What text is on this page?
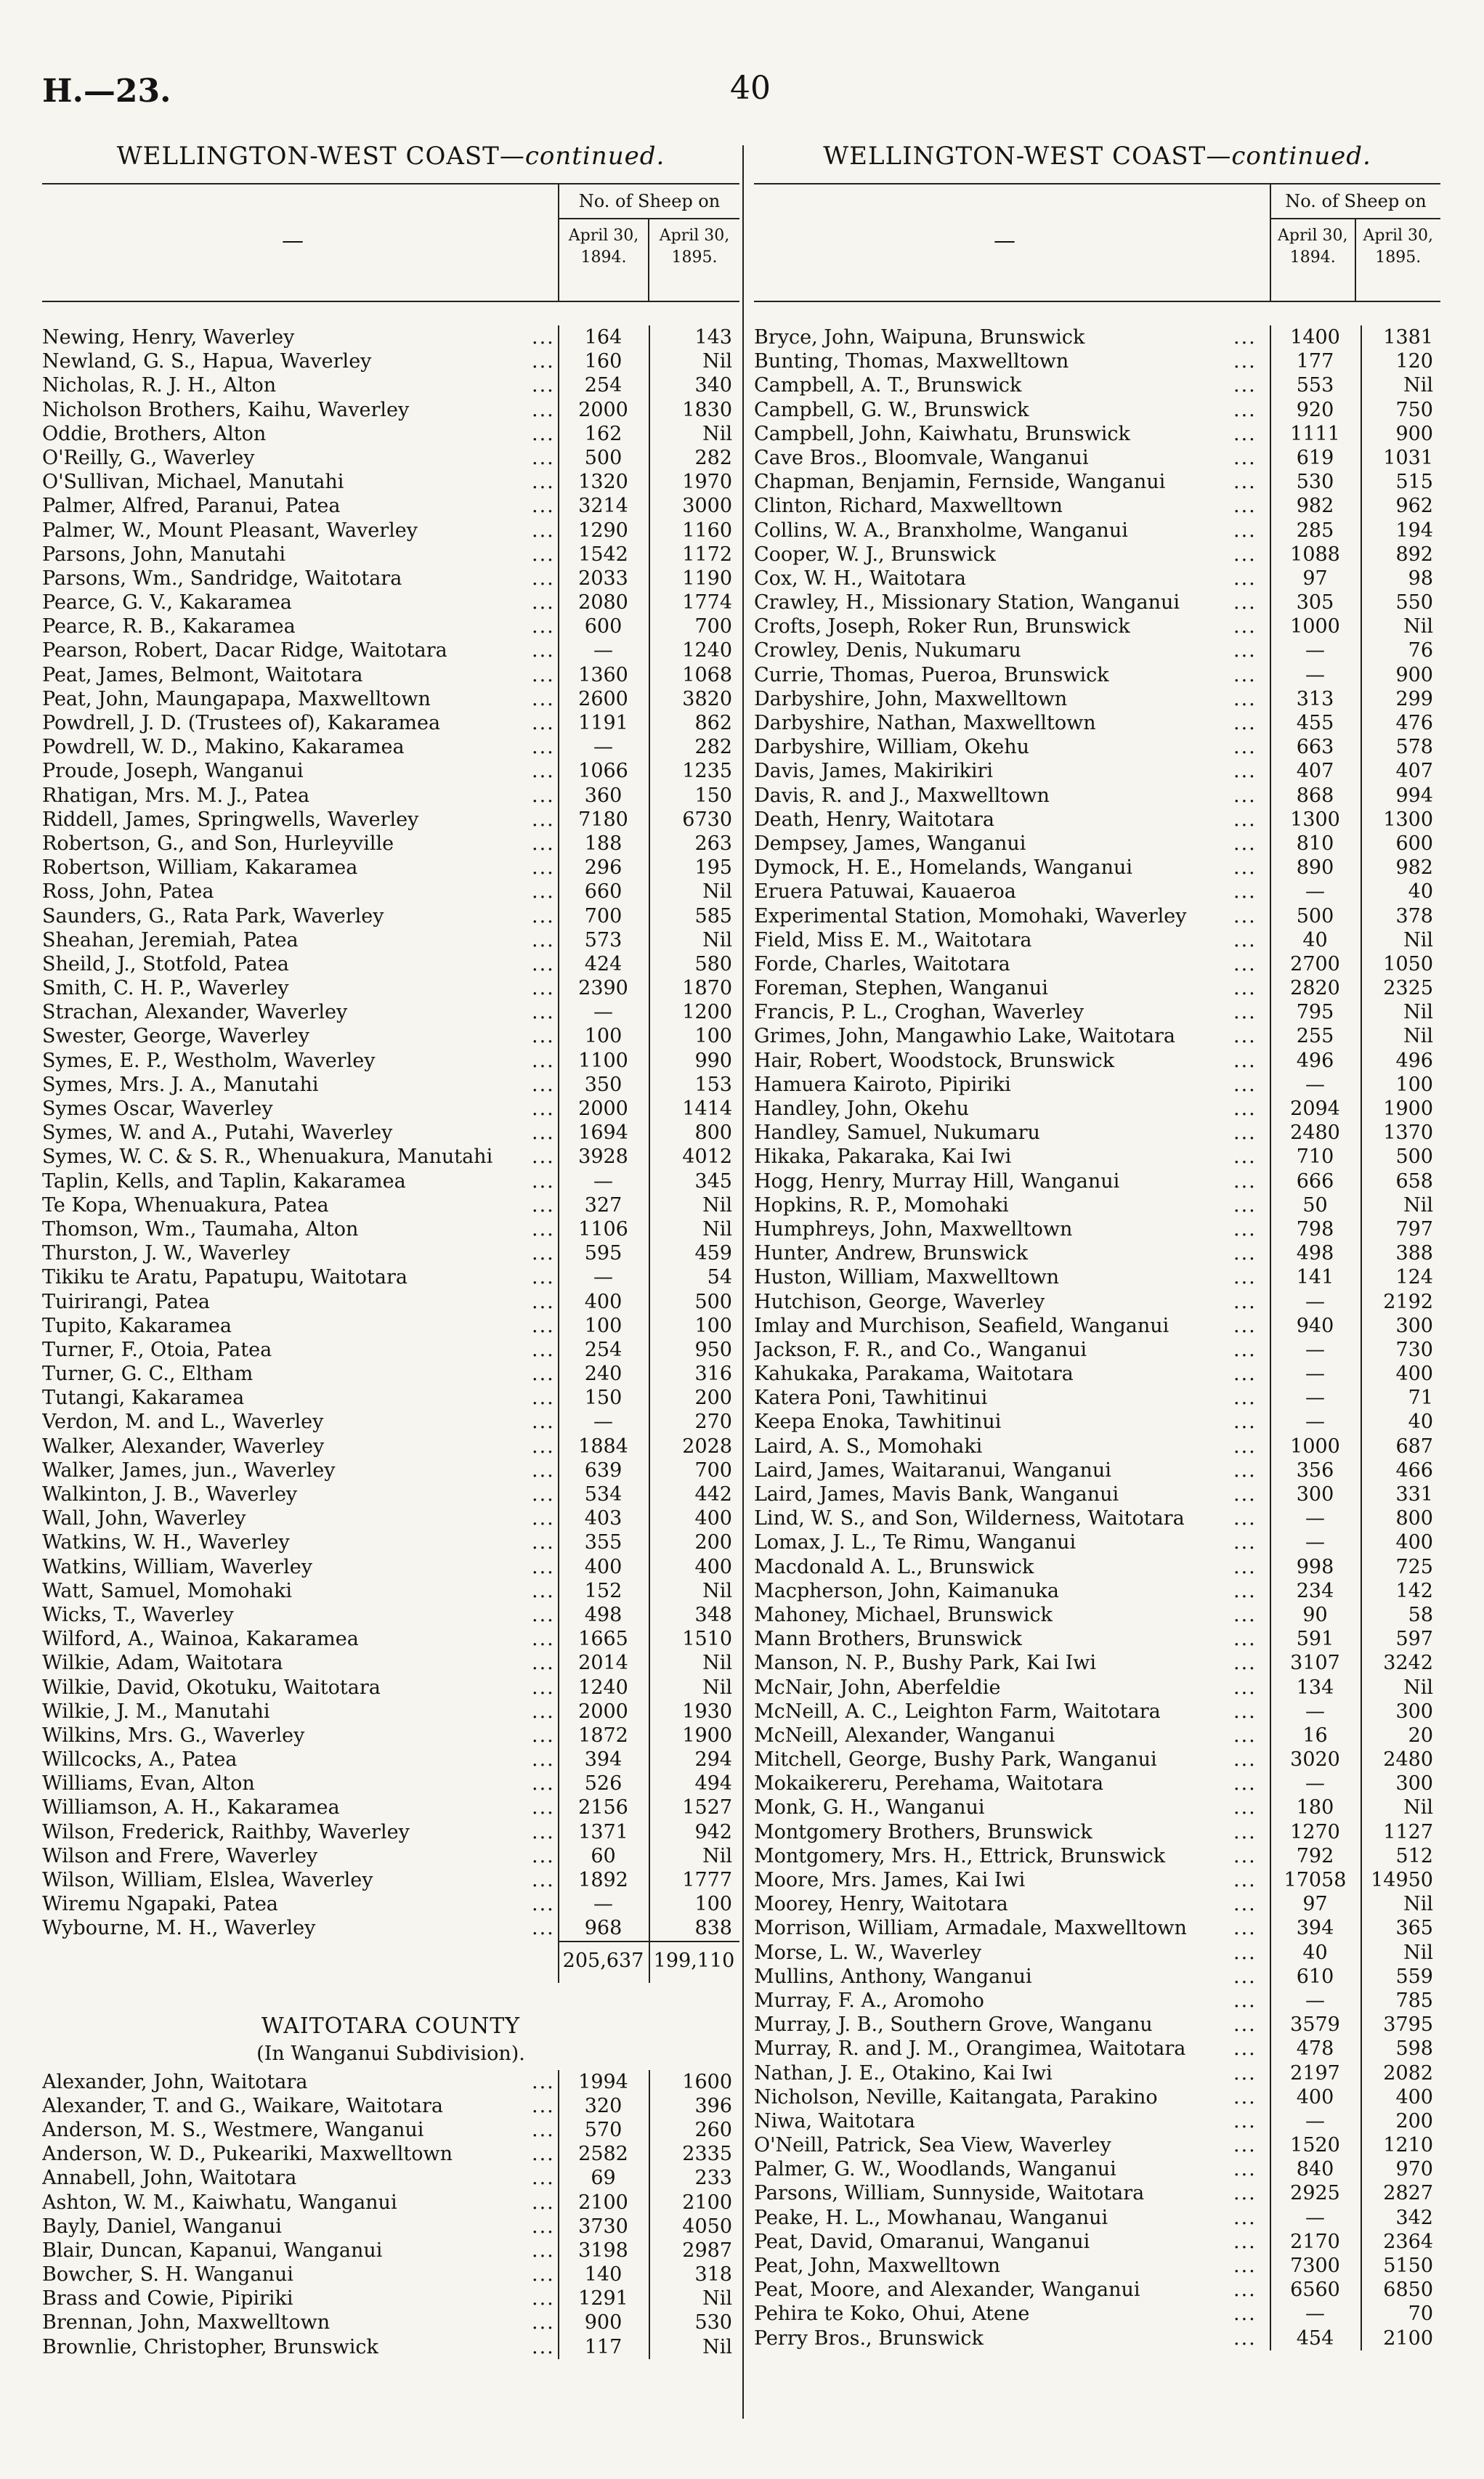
H.—23.	40
WELLINGTON-WEST COAST—continued.
—
No. of Sheep on
April 30, 1894.
April 30, 1895.
Newing, Henry, Waverley	...	164	143
Newland, G. S., Hapua, Waverley	...	160	Nil
Nicholas, R. J. H., Alton	...	254	340
Nicholson Brothers, Kaihu, Waverley	...	2000	1830
Oddie, Brothers, Alton	...	162	Nil
O'Reilly, G., Waverley	...	500	282
O'Sullivan, Michael, Manutahi	...	1320	1970
Palmer, Alfred, Paranui, Patea	...	3214	3000
Palmer, W., Mount Pleasant, Waverley	...	1290	1160
Parsons, John, Manutahi	...	1542	1172
Parsons, Wm., Sandridge, Waitotara	...	2033	1190
Pearce, G. V., Kakaramea	...	2080	1774
Pearce, R. B., Kakaramea	...	600	700
Pearson, Robert, Dacar Ridge, Waitotara	...	—	1240
Peat, James, Belmont, Waitotara	...	1360	1068
Peat, John, Maungapapa, Maxwelltown	...	2600	3820
Powdrell, J. D. (Trustees of), Kakaramea	...	1191	862
Powdrell, W. D., Makino, Kakaramea	...	—	282
Proude, Joseph, Wanganui	...	1066	1235
Rhatigan, Mrs. M. J., Patea	...	360	150
Riddell, James, Springwells, Waverley	...	7180	6730
Robertson, G., and Son, Hurleyville	...	188	263
Robertson, William, Kakaramea	...	296	195
Ross, John, Patea	...	660	Nil
Saunders, G., Rata Park, Waverley	...	700	585
Sheahan, Jeremiah, Patea	...	573	Nil
Sheild, J., Stotfold, Patea	...	424	580
Smith, C. H. P., Waverley	...	2390	1870
Strachan, Alexander, Waverley	...	—	1200
Swester, George, Waverley	...	100	100
Symes, E. P., Westholm, Waverley	...	1100	990
Symes, Mrs. J. A., Manutahi	...	350	153
Symes Oscar, Waverley	...	2000	1414
Symes, W. and A., Putahi, Waverley	...	1694	800
Symes, W. C. & S. R., Whenuakura, Manutahi	...	3928	4012
Taplin, Kells, and Taplin, Kakaramea	...	—	345
Te Kopa, Whenuakura, Patea	...	327	Nil
Thomson, Wm., Taumaha, Alton	...	1106	Nil
Thurston, J. W., Waverley	...	595	459
Tikiku te Aratu, Papatupu, Waitotara	...	—	54
Tuirirangi, Patea	...	400	500
Tupito, Kakaramea	...	100	100
Turner, F., Otoia, Patea	...	254	950
Turner, G. C., Eltham	...	240	316
Tutangi, Kakaramea	...	150	200
Verdon, M. and L., Waverley	...	—	270
Walker, Alexander, Waverley	...	1884	2028
Walker, James, jun., Waverley	...	639	700
Walkinton, J. B., Waverley	...	534	442
Wall, John, Waverley	...	403	400
Watkins, W. H., Waverley	...	355	200
Watkins, William, Waverley	...	400	400
Watt, Samuel, Momohaki	...	152	Nil
Wicks, T., Waverley	...	498	348
Wilford, A., Wainoa, Kakaramea	...	1665	1510
Wilkie, Adam, Waitotara	...	2014	Nil
Wilkie, David, Okotuku, Waitotara	...	1240	Nil
Wilkie, J. M., Manutahi	...	2000	1930
Wilkins, Mrs. G., Waverley	...	1872	1900
Willcocks, A., Patea	...	394	294
Williams, Evan, Alton	...	526	494
Williamson, A. H., Kakaramea	...	2156	1527
Wilson, Frederick, Raithby, Waverley	...	1371	942
Wilson and Frere, Waverley	...	60	Nil
Wilson, William, Elslea, Waverley	...	1892	1777
Wiremu Ngapaki, Patea	...	—	100
Wybourne, M. H., Waverley	...	968	838
205,637 199,110
WAITOTARA COUNTY
(In Wanganui Subdivision).
Alexander, John, Waitotara	...	1994	1600
Alexander, T. and G., Waikare, Waitotara	...	320	396
Anderson, M. S., Westmere, Wanganui	...	570	260
Anderson, W. D., Pukeariki, Maxwelltown	...	2582	2335
Annabell, John, Waitotara	...	69	233
Ashton, W. M., Kaiwhatu, Wanganui	...	2100	2100
Bayly, Daniel, Wanganui	...	3730	4050
Blair, Duncan, Kapanui, Wanganui	...	3198	2987
Bowcher, S. H. Wanganui	...	140	318
Brass and Cowie, Pipiriki	...	1291	Nil
Brennan, John, Maxwelltown	...	900	530
Brownlie, Christopher, Brunswick	...	117	Nil
WELLINGTON-WEST COAST—continued.
—
No. of Sheep on
April 30, 1894.
April 30, 1895.
Bryce, John, Waipuna, Brunswick	...	1400	1381
Bunting, Thomas, Maxwelltown	...	177	120
Campbell, A. T., Brunswick	...	553	Nil
Campbell, G. W., Brunswick	...	920	750
Campbell, John, Kaiwhatu, Brunswick	...	1111	900
Cave Bros., Bloomvale, Wanganui	...	619	1031
Chapman, Benjamin, Fernside, Wanganui	...	530	515
Clinton, Richard, Maxwelltown	...	982	962
Collins, W. A., Branxholme, Wanganui	...	285	194
Cooper, W. J., Brunswick	...	1088	892
Cox, W. H., Waitotara	...	97	98
Crawley, H., Missionary Station, Wanganui	...	305	550
Crofts, Joseph, Roker Run, Brunswick	...	1000	Nil
Crowley, Denis, Nukumaru	...	—	76
Currie, Thomas, Pueroa, Brunswick	...	—	900
Darbyshire, John, Maxwelltown	...	313	299
Darbyshire, Nathan, Maxwelltown	...	455	476
Darbyshire, William, Okehu	...	663	578
Davis, James, Makirikiri	...	407	407
Davis, R. and J., Maxwelltown	...	868	994
Death, Henry, Waitotara	...	1300	1300
Dempsey, James, Wanganui	...	810	600
Dymock, H. E., Homelands, Wanganui	...	890	982
Eruera Patuwai, Kauaeroa	...	—	40
Experimental Station, Momohaki, Waverley	...	500	378
Field, Miss E. M., Waitotara	...	40	Nil
Forde, Charles, Waitotara	...	2700	1050
Foreman, Stephen, Wanganui	...	2820	2325
Francis, P. L., Croghan, Waverley	...	795	Nil
Grimes, John, Mangawhio Lake, Waitotara	...	255	Nil
Hair, Robert, Woodstock, Brunswick	...	496	496
Hamuera Kairoto, Pipiriki	...	—	100
Handley, John, Okehu	...	2094	1900
Handley, Samuel, Nukumaru	...	2480	1370
Hikaka, Pakaraka, Kai Iwi	...	710	500
Hogg, Henry, Murray Hill, Wanganui	...	666	658
Hopkins, R. P., Momohaki	...	50	Nil
Humphreys, John, Maxwelltown	...	798	797
Hunter, Andrew, Brunswick	...	498	388
Huston, William, Maxwelltown	...	141	124
Hutchison, George, Waverley	...	—	2192
Imlay and Murchison, Seafield, Wanganui	...	940	300
Jackson, F. R., and Co., Wanganui	...	—	730
Kahukaka, Parakama, Waitotara	...	—	400
Katera Poni, Tawhitinui	...	—	71
Keepa Enoka, Tawhitinui	...	—	40
Laird, A. S., Momohaki	...	1000	687
Laird, James, Waitaranui, Wanganui	...	356	466
Laird, James, Mavis Bank, Wanganui	...	300	331
Lind, W. S., and Son, Wilderness, Waitotara	...	—	800
Lomax, J. L., Te Rimu, Wanganui	...	—	400
Macdonald A. L., Brunswick	...	998	725
Macpherson, John, Kaimanuka	...	234	142
Mahoney, Michael, Brunswick	...	90	58
Mann Brothers, Brunswick	...	591	597
Manson, N. P., Bushy Park, Kai Iwi	...	3107	3242
McNair, John, Aberfeldie	...	134	Nil
McNeill, A. C., Leighton Farm, Waitotara	...	—	300
McNeill, Alexander, Wanganui	...	16	20
Mitchell, George, Bushy Park, Wanganui	...	3020	2480
Mokaikereru, Perehama, Waitotara	...	—	300
Monk, G. H., Wanganui	...	180	Nil
Montgomery Brothers, Brunswick	...	1270	1127
Montgomery, Mrs. H., Ettrick, Brunswick	...	792	512
Moore, Mrs. James, Kai Iwi	...	17058	14950
Moorey, Henry, Waitotara	...	97	Nil
Morrison, William, Armadale, Maxwelltown	...	394	365
Morse, L. W., Waverley	...	40	Nil
Mullins, Anthony, Wanganui	...	610	559
Murray, F. A., Aromoho	...	—	785
Murray, J. B., Southern Grove, Wanganu	...	3579	3795
Murray, R. and J. M., Orangimea, Waitotara	...	478	598
Nathan, J. E., Otakino, Kai Iwi	...	2197	2082
Nicholson, Neville, Kaitangata, Parakino	...	400	400
Niwa, Waitotara	...	—	200
O'Neill, Patrick, Sea View, Waverley	...	1520	1210
Palmer, G. W., Woodlands, Wanganui	...	840	970
Parsons, William, Sunnyside, Waitotara	...	2925	2827
Peake, H. L., Mowhanau, Wanganui	...	—	342
Peat, David, Omaranui, Wanganui	...	2170	2364
Peat, John, Maxwelltown	...	7300	5150
Peat, Moore, and Alexander, Wanganui	...	6560	6850
Pehira te Koko, Ohui, Atene	...	—	70
Perry Bros., Brunswick	...	454	2100
